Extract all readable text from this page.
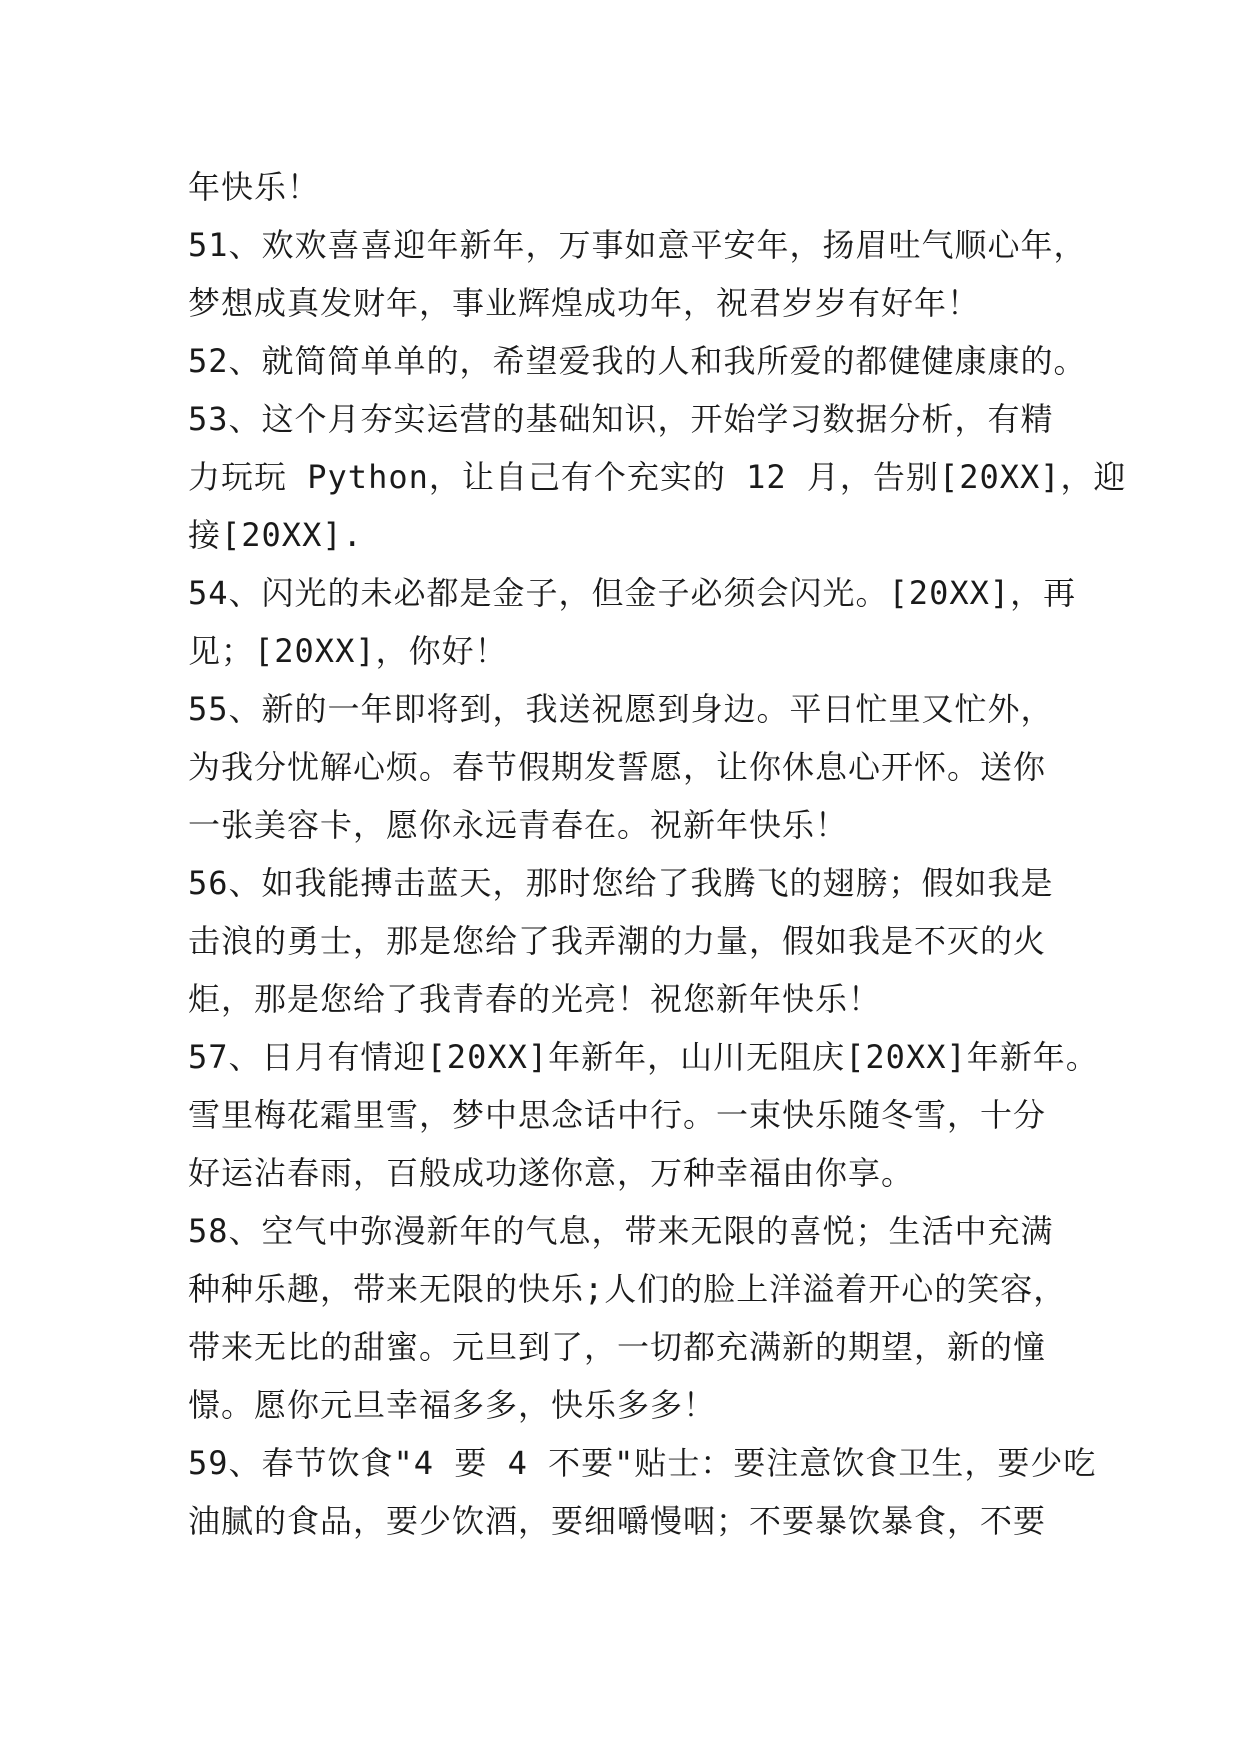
年快乐！
51、欢欢喜喜迎年新年，万事如意平安年，扬眉吐气顺心年，
梦想成真发财年，事业辉煌成功年，祝君岁岁有好年！
52、就简简单单的，希望爱我的人和我所爱的都健健康康的。
53、这个月夯实运营的基础知识，开始学习数据分析，有精
力玩玩 Python，让自己有个充实的 12 月，告别[20XX]，迎
接[20XX].
54、闪光的未必都是金子，但金子必须会闪光。[20XX]，再
见；[20XX]，你好！
55、新的一年即将到，我送祝愿到身边。平日忙里又忙外，
为我分忧解心烦。春节假期发誓愿，让你休息心开怀。送你
一张美容卡，愿你永远青春在。祝新年快乐！
56、如我能搏击蓝天，那时您给了我腾飞的翅膀；假如我是
击浪的勇士，那是您给了我弄潮的力量，假如我是不灭的火
炬，那是您给了我青春的光亮！祝您新年快乐！
57、日月有情迎[20XX]年新年，山川无阻庆[20XX]年新年。
雪里梅花霜里雪，梦中思念话中行。一束快乐随冬雪，十分
好运沾春雨，百般成功遂你意，万种幸福由你享。
58、空气中弥漫新年的气息，带来无限的喜悦；生活中充满
种种乐趣，带来无限的快乐;人们的脸上洋溢着开心的笑容，
带来无比的甜蜜。元旦到了，一切都充满新的期望，新的憧
憬。愿你元旦幸福多多，快乐多多！
59、春节饮食"4 要 4 不要"贴士：要注意饮食卫生，要少吃
油腻的食品，要少饮酒，要细嚼慢咽；不要暴饮暴食，不要
